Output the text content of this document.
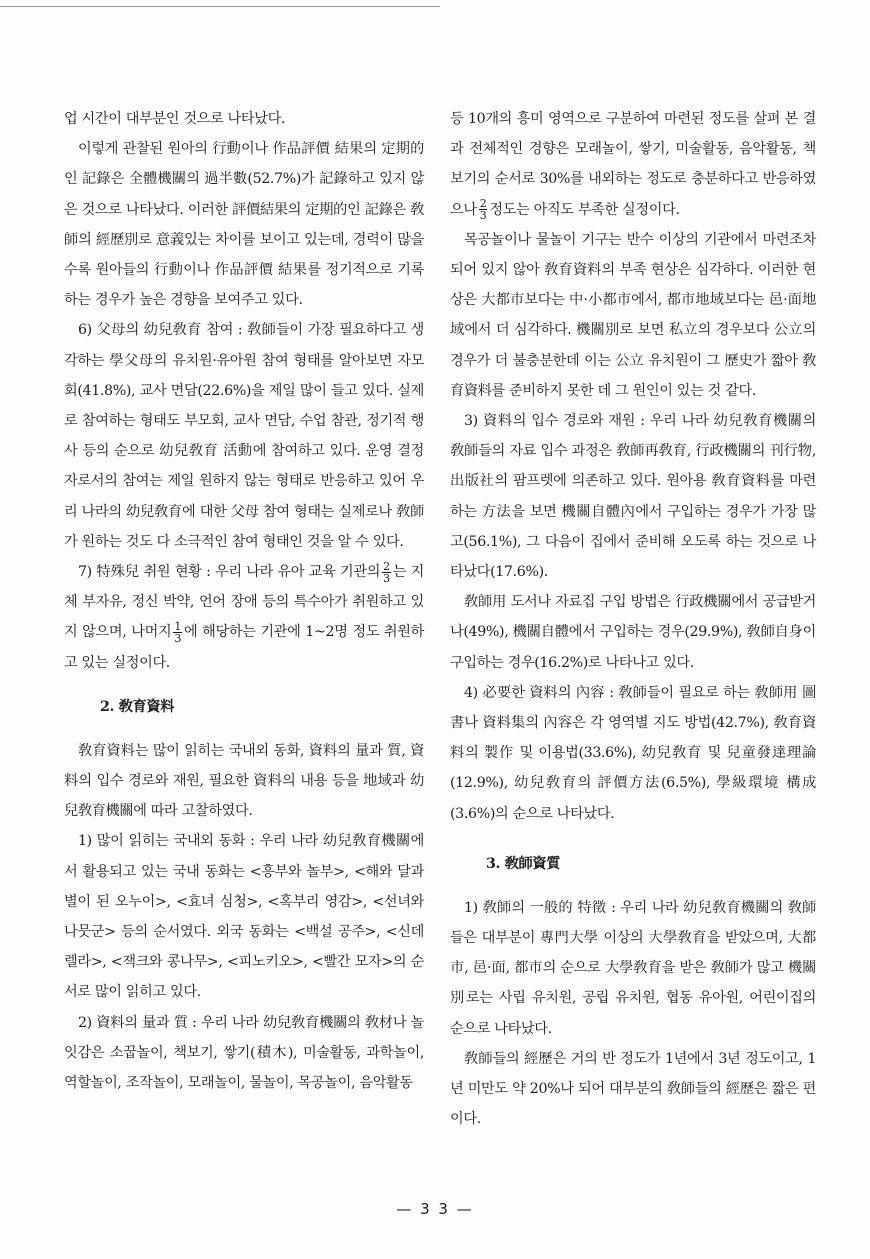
업 시간이 대부분인 것으로 나타났다.

이렇게 관찰된 원아의 行動이나 作品評價 結果의 定期的인 記錄은 全體機關의 過半數(52.7%)가 記錄하고 있지 않은 것으로 나타났다. 이러한 評價結果의 定期的인 記錄은 敎師의 經歷別로 意義있는 차이를 보이고 있는데, 경력이 많을수록 원아들의 行動이나 作品評價 結果를 정기적으로 기록하는 경우가 높은 경향을 보여주고 있다.

6) 父母의 幼兒敎育 참여 : 敎師들이 가장 필요하다고 생각하는 學父母의 유치원·유아원 참여 형태를 알아보면 자모회(41.8%), 교사 면담(22.6%)을 제일 많이 들고 있다. 실제로 참여하는 형태도 부모회, 교사 면담, 수업 참관, 정기적 행사 등의 순으로 幼兒敎育 活動에 참여하고 있다. 운영 결정자로서의 참여는 제일 원하지 않는 형태로 반응하고 있어 우리 나라의 幼兒敎育에 대한 父母 참여 형태는 실제로나 敎師가 원하는 것도 다 소극적인 참여 형태인 것을 알 수 있다.

7) 特殊兒 취원 현황 : 우리 나라 유아 교육 기관의 $\frac{2}{3}$ 는 지체 부자유, 정신 박약, 언어 장애 등의 특수아가 취원하고 있지 않으며, 나머지 $\frac{1}{3}$ 에 해당하는 기관에 1~2명 정도 취원하고 있는 실정이다.

2. 敎育資料

敎育資料는 많이 읽히는 국내외 동화, 資料의 量과 質, 資料의 입수 경로와 재원, 필요한 資料의 내용 등을 地域과 幼兒敎育機關에 따라 고찰하였다.

1) 많이 읽히는 국내외 동화 : 우리 나라 幼兒敎育機關에서 활용되고 있는 국내 동화는 <흥부와 놀부>, <해와 달과 별이 된 오누이>, <효녀 심청>, <혹부리 영감>, <선녀와 나뭇군> 등의 순서였다. 외국 동화는 <백설 공주>, <신데렐라>, <잭크와 콩나무>, <피노키오>, <빨간 모자>의 순서로 많이 읽히고 있다.

2) 資料의 量과 質 : 우리 나라 幼兒敎育機關의 敎材나 놀잇감은 소꿉놀이, 책보기, 쌓기(積木), 미술활동, 과학놀이, 역할놀이, 조작놀이, 모래놀이, 물놀이, 목공놀이, 음악활동

등 10개의 흥미 영역으로 구분하여 마련된 정도를 살펴 본 결과 전체적인 경향은 모래놀이, 쌓기, 미술활동, 음악활동, 책보기의 순서로 30%를 내외하는 정도로 충분하다고 반응하였으나 $\frac{2}{3}$ 정도는 아직도 부족한 실정이다.

목공놀이나 물놀이 기구는 반수 이상의 기관에서 마련조차 되어 있지 않아 敎育資料의 부족 현상은 심각하다. 이러한 현상은 大都市보다는 中·小都市에서, 都市地域보다는 邑·面地域에서 더 심각하다. 機關別로 보면 私立의 경우보다 公立의 경우가 더 불충분한데 이는 公立 유치원이 그 歷史가 짧아 敎育資料를 준비하지 못한 데 그 원인이 있는 것 같다.

3) 資料의 입수 경로와 재원 : 우리 나라 幼兒敎育機關의 敎師들의 자료 입수 과정은 敎師再敎育, 行政機關의 刊行物, 出版社의 팜프렛에 의존하고 있다. 원아용 敎育資料를 마련하는 方法을 보면 機關自體內에서 구입하는 경우가 가장 많고(56.1%), 그 다음이 집에서 준비해 오도록 하는 것으로 나타났다(17.6%).

敎師用 도서나 자료집 구입 방법은 行政機關에서 공급받거나(49%), 機關自體에서 구입하는 경우(29.9%), 敎師自身이 구입하는 경우(16.2%)로 나타나고 있다.

4) 必要한 資料의 內容 : 敎師들이 필요로 하는 敎師用 圖書나 資料集의 內容은 각 영역별 지도 방법(42.7%), 敎育資料의 製作 및 이용법(33.6%), 幼兒敎育 및 兒童發達理論(12.9%), 幼兒敎育의 評價方法(6.5%), 學級環境 構成(3.6%)의 순으로 나타났다.

3. 敎師資質

1) 敎師의 一般的 特徵 : 우리 나라 幼兒敎育機關의 敎師들은 대부분이 專門大學 이상의 大學敎育을 받았으며, 大都市, 邑·面, 都市의 순으로 大學敎育을 받은 敎師가 많고 機關別로는 사립 유치원, 공립 유치원, 협동 유아원, 어린이집의 순으로 나타났다.

敎師들의 經歷은 거의 반 정도가 1년에서 3년 정도이고, 1년 미만도 약 20%나 되어 대부분의 敎師들의 經歷은 짧은 편이다.

— 3 3 —
